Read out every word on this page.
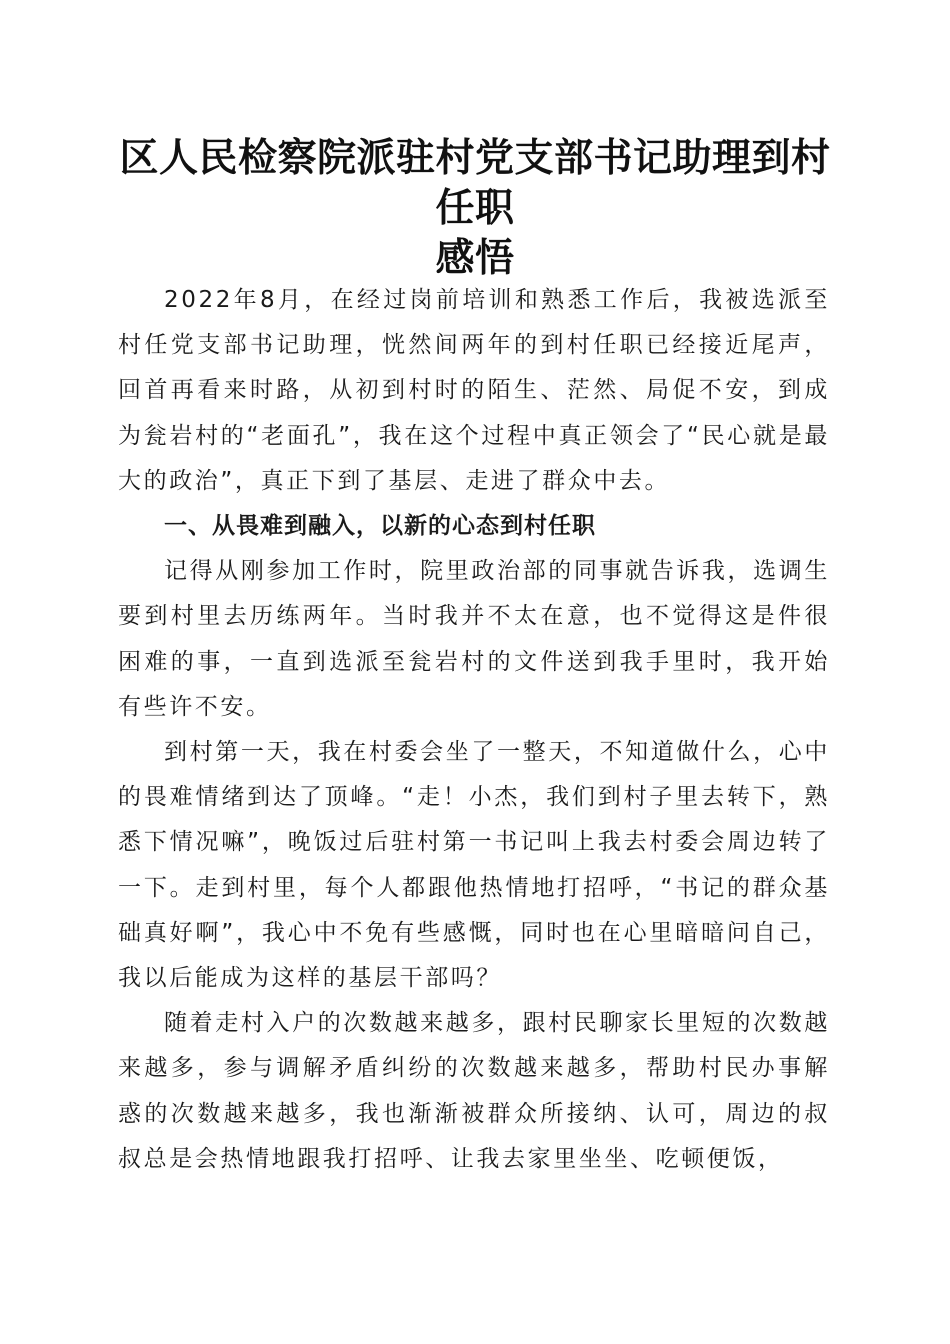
区人民检察院派驻村党支部书记助理到村任职
感悟

2022年8月，在经过岗前培训和熟悉工作后，我被选派至村任党支部书记助理，恍然间两年的到村任职已经接近尾声，回首再看来时路，从初到村时的陌生、茫然、局促不安，到成为瓮岩村的“老面孔”，我在这个过程中真正领会了“民心就是最大的政治”，真正下到了基层、走进了群众中去。

一、从畏难到融入，以新的心态到村任职

记得从刚参加工作时，院里政治部的同事就告诉我，选调生要到村里去历练两年。当时我并不太在意，也不觉得这是件很困难的事，一直到选派至瓮岩村的文件送到我手里时，我开始有些许不安。

到村第一天，我在村委会坐了一整天，不知道做什么，心中的畏难情绪到达了顶峰。“走！小杰，我们到村子里去转下，熟悉下情况嘛”，晚饭过后驻村第一书记叫上我去村委会周边转了一下。走到村里，每个人都跟他热情地打招呼，“书记的群众基础真好啊”，我心中不免有些感慨，同时也在心里暗暗问自己，我以后能成为这样的基层干部吗？

随着走村入户的次数越来越多，跟村民聊家长里短的次数越来越多，参与调解矛盾纠纷的次数越来越多，帮助村民办事解惑的次数越来越多，我也渐渐被群众所接纳、认可，周边的叔叔总是会热情地跟我打招呼、让我去家里坐坐、吃顿便饭，
